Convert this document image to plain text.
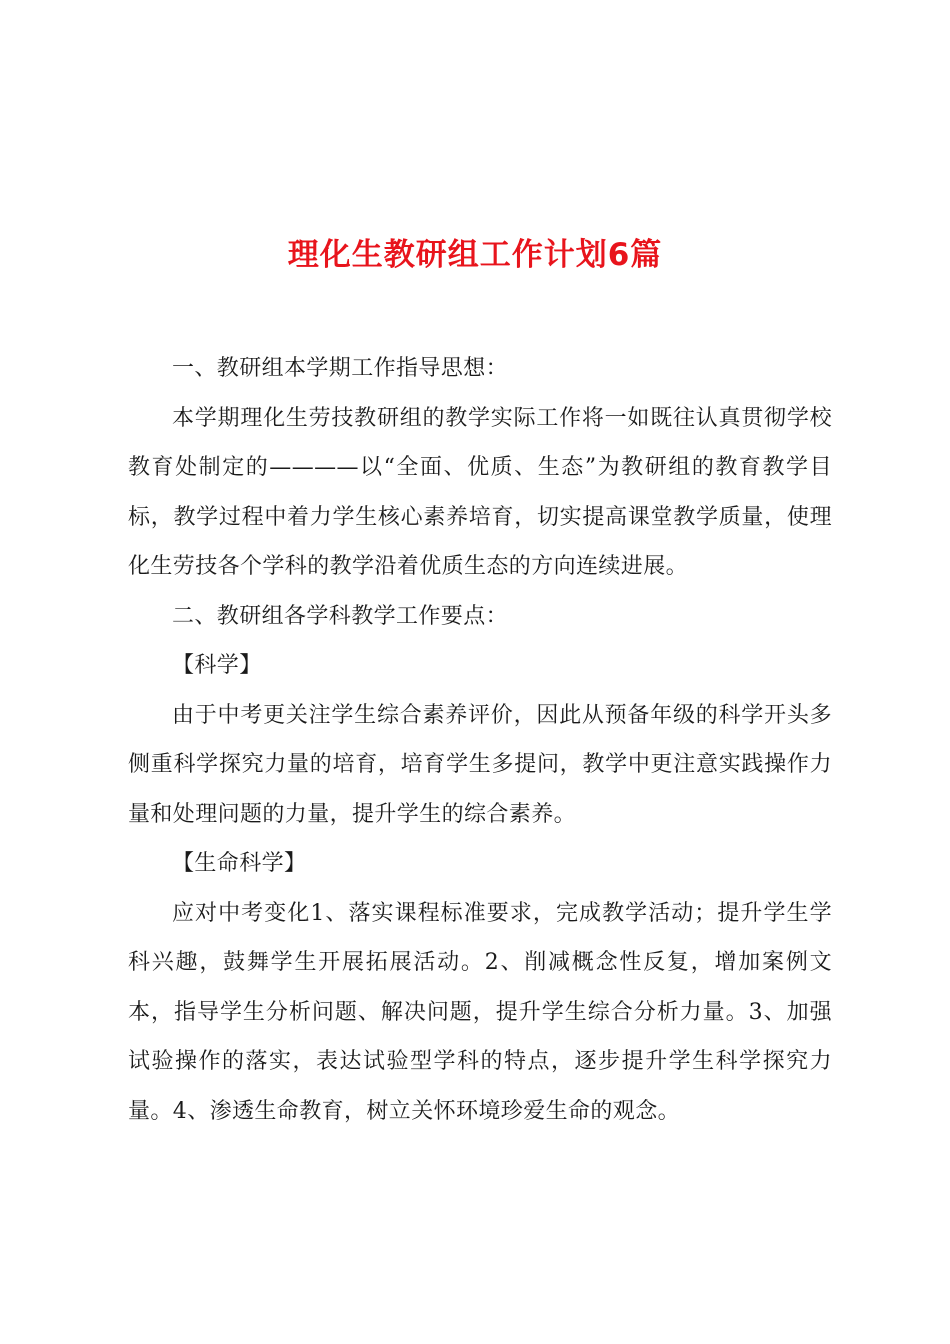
理化生教研组工作计划6篇

一、教研组本学期工作指导思想：

本学期理化生劳技教研组的教学实际工作将一如既往认真贯彻学校教育处制定的————以“全面、优质、生态”为教研组的教育教学目标，教学过程中着力学生核心素养培育，切实提高课堂教学质量，使理化生劳技各个学科的教学沿着优质生态的方向连续进展。

二、教研组各学科教学工作要点：

【科学】

由于中考更关注学生综合素养评价，因此从预备年级的科学开头多侧重科学探究力量的培育，培育学生多提问，教学中更注意实践操作力量和处理问题的力量，提升学生的综合素养。

【生命科学】

应对中考变化1、落实课程标准要求，完成教学活动；提升学生学科兴趣，鼓舞学生开展拓展活动。2、削减概念性反复，增加案例文本，指导学生分析问题、解决问题，提升学生综合分析力量。3、加强试验操作的落实，表达试验型学科的特点，逐步提升学生科学探究力量。4、渗透生命教育，树立关怀环境珍爱生命的观念。
